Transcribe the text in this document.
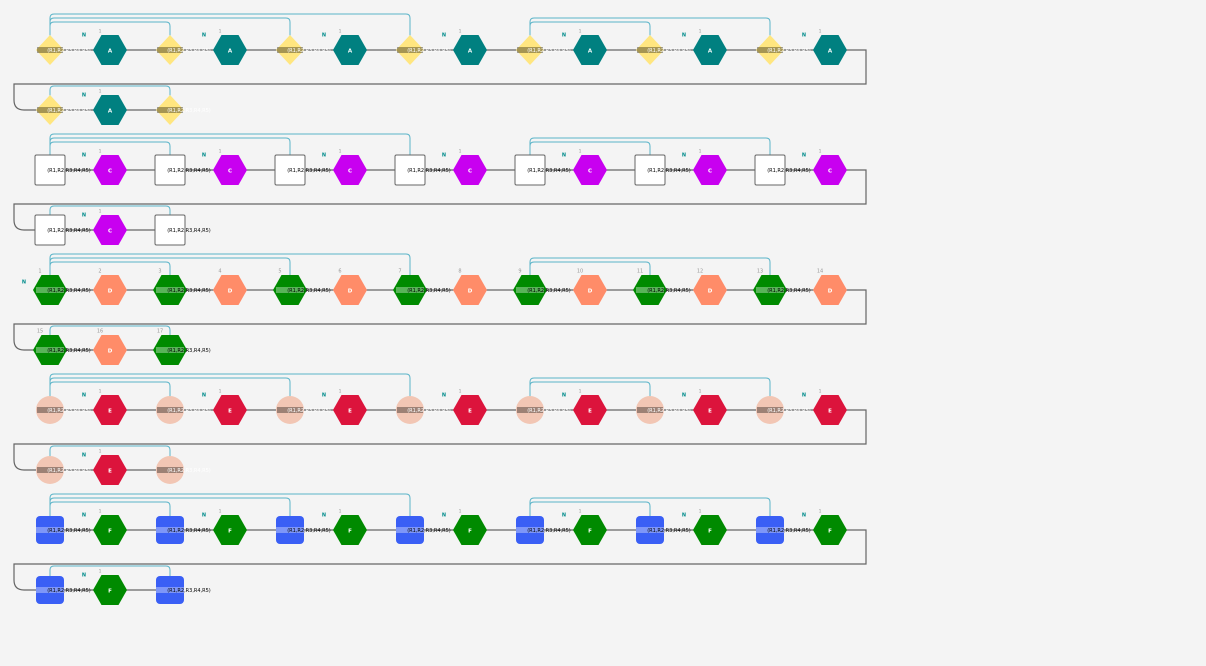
(R1,R2,R3,R4,R5)	A
N
1
(R1,R2,R3,R4,R5)	A
N
1
(R1,R2,R3,R4,R5)	A
N
1
(R1,R2,R3,R4,R5)	A
N
1
(R1,R2,R3,R4,R5)	A
N
1
(R1,R2,R3,R4,R5)	A
N
1
(R1,R2,R3,R4,R5)	A
N
1
(R1,R2,R3,R4,R5)	A
N
1
(R1,R2,R3,R4,R5)
(R1,R2,R3,R4,R5)	C
N
1
(R1,R2,R3,R4,R5)	C
N
1
(R1,R2,R3,R4,R5)	C
N
1
(R1,R2,R3,R4,R5)	C
N
1
(R1,R2,R3,R4,R5)	C
N
1
(R1,R2,R3,R4,R5)	C
N
1
(R1,R2,R3,R4,R5)	C
N
1
(R1,R2,R3,R4,R5)	C
N
1
(R1,R2,R3,R4,R5)
(R1,R2,R3,R4,R5)
1
D
2
(R1,R2,R3,R4,R5)
3
D
4
(R1,R2,R3,R4,R5)
5
D
6
(R1,R2,R3,R4,R5)
7
D
8
(R1,R2,R3,R4,R5)
9
D
10
(R1,R2,R3,R4,R5)
11
D
12
(R1,R2,R3,R4,R5)
13
D
14
(R1,R2,R3,R4,R5)
15
D
16
(R1,R2,R3,R4,R5)
17
N
(R1,R2,R3,R4,R5)	E
N
1
(R1,R2,R3,R4,R5)	E
N
1
(R1,R2,R3,R4,R5)	E
N
1
(R1,R2,R3,R4,R5)	E
N
1
(R1,R2,R3,R4,R5)	E
N
1
(R1,R2,R3,R4,R5)	E
N
1
(R1,R2,R3,R4,R5)	E
N
1
(R1,R2,R3,R4,R5)	E
N
1
(R1,R2,R3,R4,R5)
(R1,R2,R3,R4,R5)	F
N
1
(R1,R2,R3,R4,R5)	F
N
1
(R1,R2,R3,R4,R5)	F
N
1
(R1,R2,R3,R4,R5)	F
N
1
(R1,R2,R3,R4,R5)	F
N
1
(R1,R2,R3,R4,R5)	F
N
1
(R1,R2,R3,R4,R5)	F
N
1
(R1,R2,R3,R4,R5)	F
N
1
(R1,R2,R3,R4,R5)
